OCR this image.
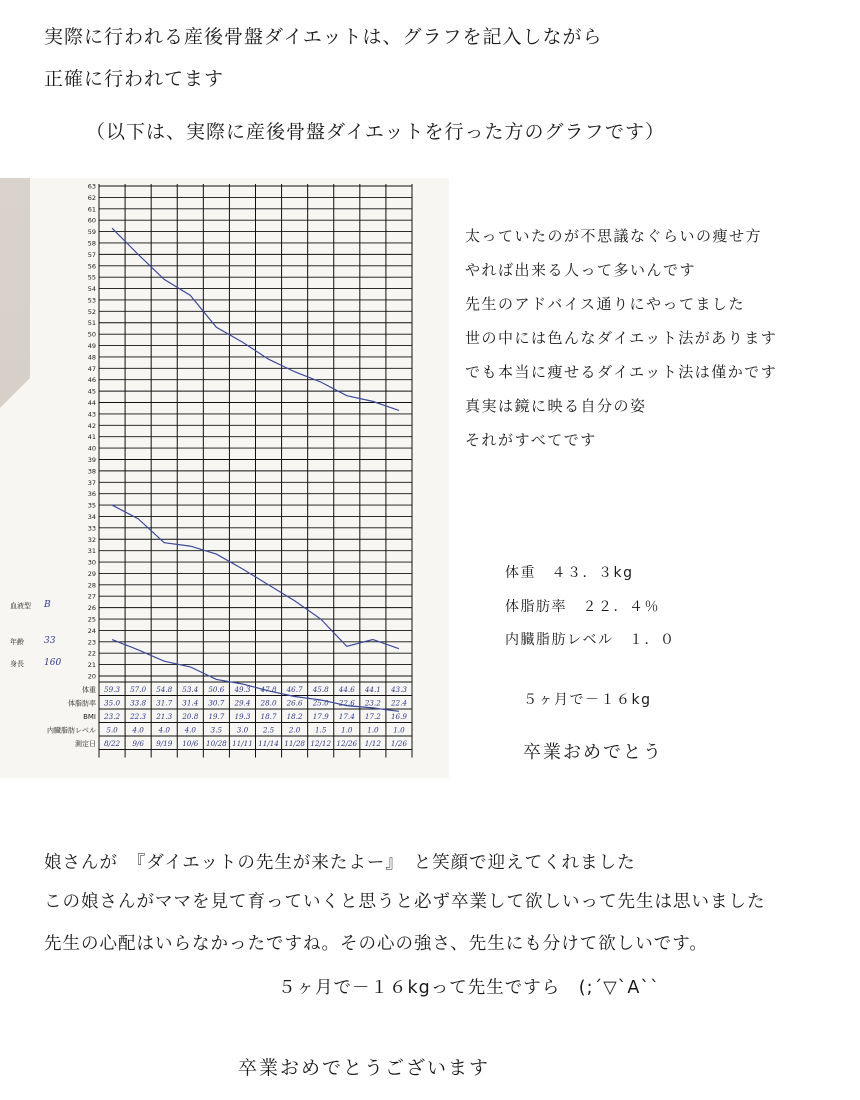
実際に行われる産後骨盤ダイエットは、グラフを記入しながら
正確に行われてます
（以下は、実際に産後骨盤ダイエットを行った方のグラフです）
20
21
22
23
24
25
26
27
28
29
30
31
32
33
34
35
36
37
38
39
40
41
42
43
44
45
46
47
48
49
50
51
52
53
54
55
56
57
58
59
60
61
62
63
体重
体脂肪率
BMI
内臓脂肪レベル
測定日
59.3 57.0 54.8 53.4 50.6 49.3 47.8 46.7 45.8 44.6 44.1 43.3
35.0 33.8 31.7 31.4 30.7 29.4 28.0 26.6 25.0 22.6 23.2 22.4
23.2 22.3 21.3 20.8 19.7 19.3 18.7 18.2 17.9 17.4 17.2 16.9
5.0 4.0 4.0 4.0 3.5 3.0 2.5 2.0 1.5 1.0 1.0 1.0
8/22 9/6 9/19 10/6 10/28 11/11 11/14 11/28 12/12 12/26 1/12 1/26
血液型 B
年齢 33
身長 160
太っていたのが不思議なぐらいの痩せ方
やれば出来る人って多いんです
先生のアドバイス通りにやってました
世の中には色んなダイエット法があります
でも本当に痩せるダイエット法は僅かです
真実は鏡に映る自分の姿
それがすべてです
体重　４３．３kg
体脂肪率　２２．４％
内臓脂肪レベル　１．０
５ヶ月で－１６kg
卒業おめでとう
娘さんが　『ダイエットの先生が来たよー』　と笑顔で迎えてくれました
この娘さんがママを見て育っていくと思うと必ず卒業して欲しいって先生は思いました
先生の心配はいらなかったですね。その心の強さ、先生にも分けて欲しいです。
５ヶ月で－１６kgって先生ですら　(;´▽`A``
卒業おめでとうございます
